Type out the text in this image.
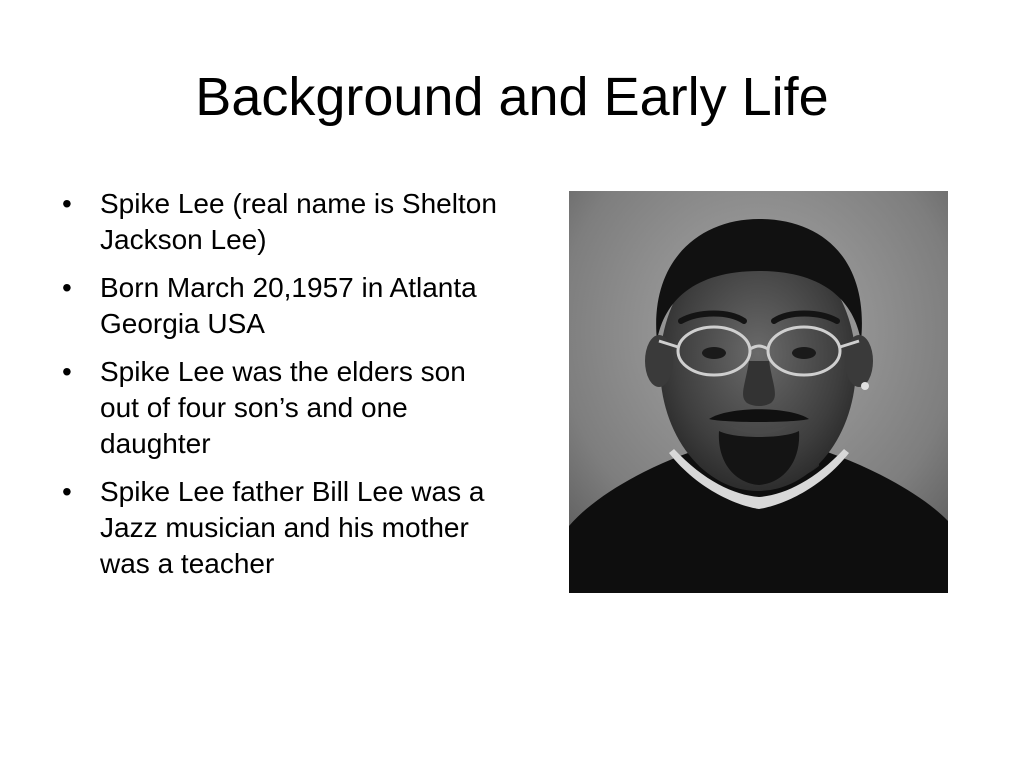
Background and Early Life
• Spike Lee (real name is Shelton Jackson Lee)
• Born March 20,1957 in Atlanta Georgia USA
• Spike Lee was the elders son out of four son’s and one daughter
• Spike Lee father Bill Lee was a Jazz musician and his mother was a teacher
